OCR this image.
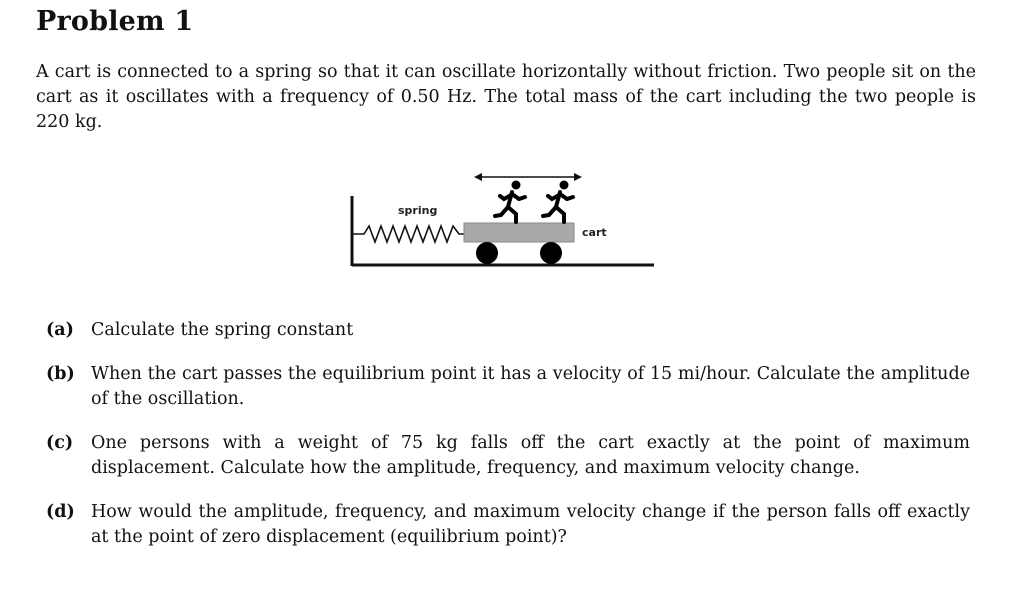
Problem 1

A cart is connected to a spring so that it can oscillate horizontally without friction. Two people sit on the cart as it oscillates with a frequency of 0.50 Hz. The total mass of the cart including the two people is 220 kg.

spring
cart
(a) Calculate the spring constant
(b) When the cart passes the equilibrium point it has a velocity of 15 mi/hour. Calculate the amplitude of the oscillation.
(c)	One persons with a weight of 75 kg falls off the cart exactly at the point of maximum displacement. Calculate how the amplitude, frequency, and maximum velocity change.
(d) How would the amplitude, frequency, and maximum velocity change if the person falls off exactly at the point of zero displacement (equilibrium point)?
